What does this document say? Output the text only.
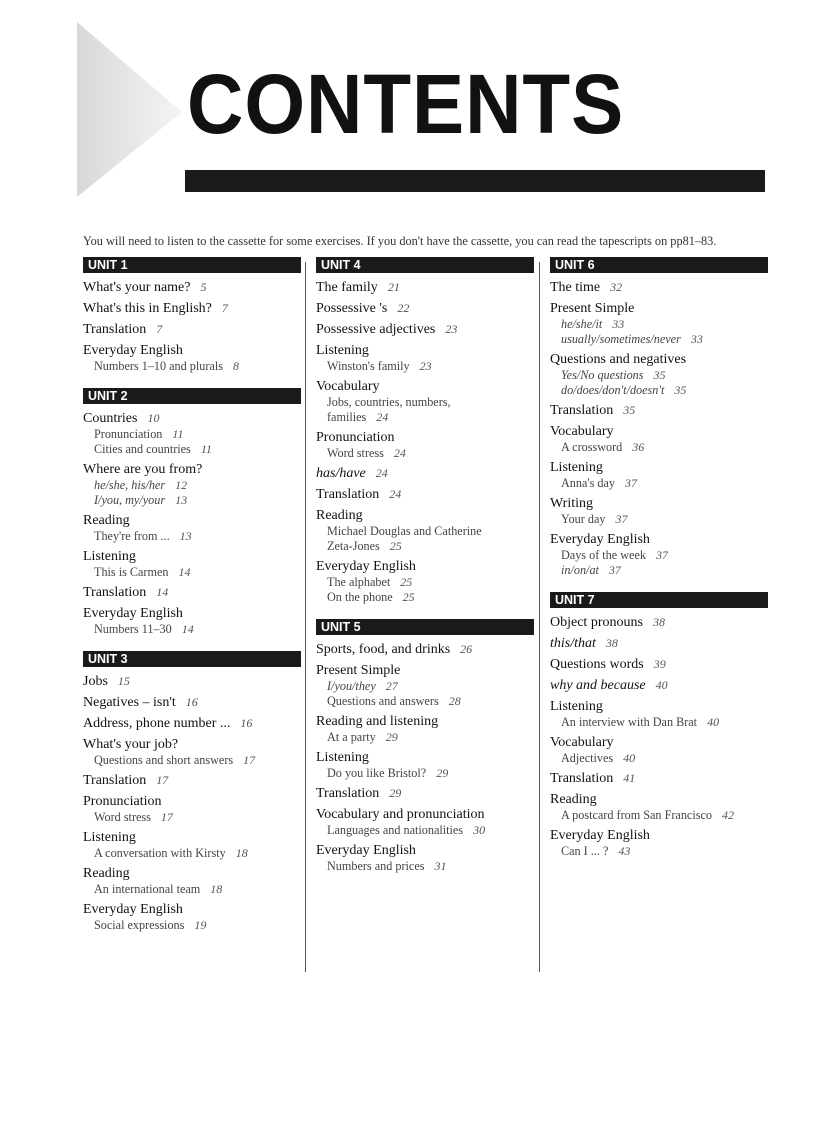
CONTENTS
You will need to listen to the cassette for some exercises. If you don't have the cassette, you can read the tapescripts on pp81–83.
UNIT 1
What's your name? 5
What's this in English? 7
Translation 7
Everyday English
Numbers 1–10 and plurals 8
UNIT 2
Countries 10
Pronunciation 11
Cities and countries 11
Where are you from?
he/she, his/her 12
I/you, my/your 13
Reading
They're from ... 13
Listening
This is Carmen 14
Translation 14
Everyday English
Numbers 11–30 14
UNIT 3
Jobs 15
Negatives – isn't 16
Address, phone number ... 16
What's your job?
Questions and short answers 17
Translation 17
Pronunciation
Word stress 17
Listening
A conversation with Kirsty 18
Reading
An international team 18
Everyday English
Social expressions 19
UNIT 4
The family 21
Possessive 's 22
Possessive adjectives 23
Listening
Winston's family 23
Vocabulary
Jobs, countries, numbers,
families 24
Pronunciation
Word stress 24
has/have 24
Translation 24
Reading
Michael Douglas and Catherine
Zeta-Jones 25
Everyday English
The alphabet 25
On the phone 25
UNIT 5
Sports, food, and drinks 26
Present Simple
I/you/they 27
Questions and answers 28
Reading and listening
At a party 29
Listening
Do you like Bristol? 29
Translation 29
Vocabulary and pronunciation
Languages and nationalities 30
Everyday English
Numbers and prices 31
UNIT 6
The time 32
Present Simple
he/she/it 33
usually/sometimes/never 33
Questions and negatives
Yes/No questions 35
do/does/don't/doesn't 35
Translation 35
Vocabulary
A crossword 36
Listening
Anna's day 37
Writing
Your day 37
Everyday English
Days of the week 37
in/on/at 37
UNIT 7
Object pronouns 38
this/that 38
Questions words 39
why and because 40
Listening
An interview with Dan Brat 40
Vocabulary
Adjectives 40
Translation 41
Reading
A postcard from San Francisco 42
Everyday English
Can I ... ? 43
